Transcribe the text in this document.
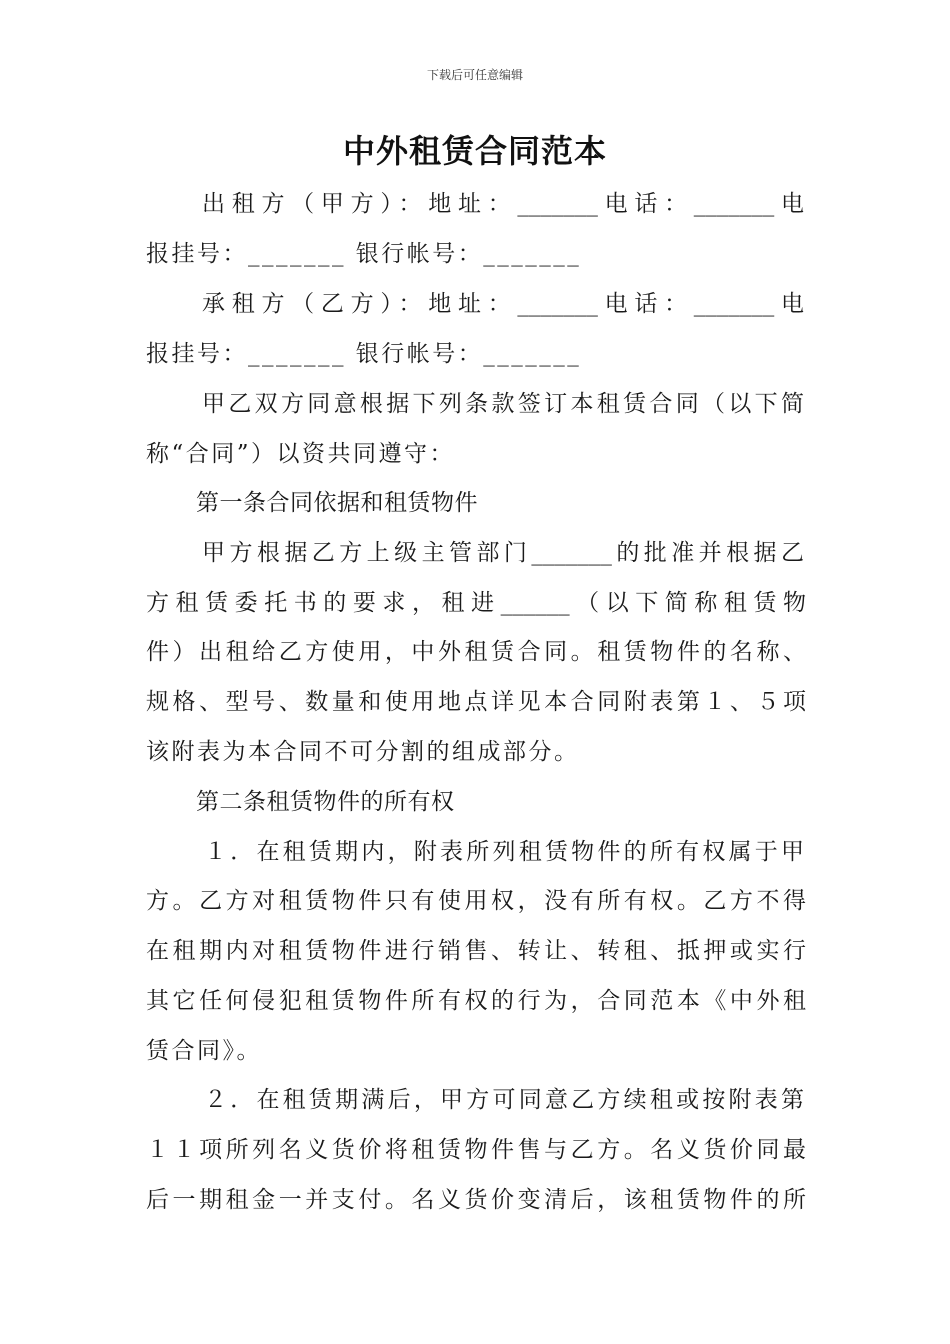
下载后可任意编辑
中外租赁合同范本
出租方（甲方）：地址：_______电话：_______电
报挂号：_______ 银行帐号：_______
承租方（乙方）：地址：_______电话：_______电
报挂号：_______ 银行帐号：_______
甲乙双方同意根据下列条款签订本租赁合同（以下简
称“合同”）以资共同遵守：
第一条合同依据和租赁物件
甲方根据乙方上级主管部门_______的批准并根据乙
方租赁委托书的要求，租进______（以下简称租赁物
件）出租给乙方使用，中外租赁合同。租赁物件的名称、
规格、型号、数量和使用地点详见本合同附表第１、５项
该附表为本合同不可分割的组成部分。
第二条租赁物件的所有权
１．在租赁期内，附表所列租赁物件的所有权属于甲
方。乙方对租赁物件只有使用权，没有所有权。乙方不得
在租期内对租赁物件进行销售、转让、转租、抵押或实行
其它任何侵犯租赁物件所有权的行为，合同范本《中外租
赁合同》。
２．在租赁期满后，甲方可同意乙方续租或按附表第
１１项所列名义货价将租赁物件售与乙方。名义货价同最
后一期租金一并支付。名义货价变清后，该租赁物件的所
